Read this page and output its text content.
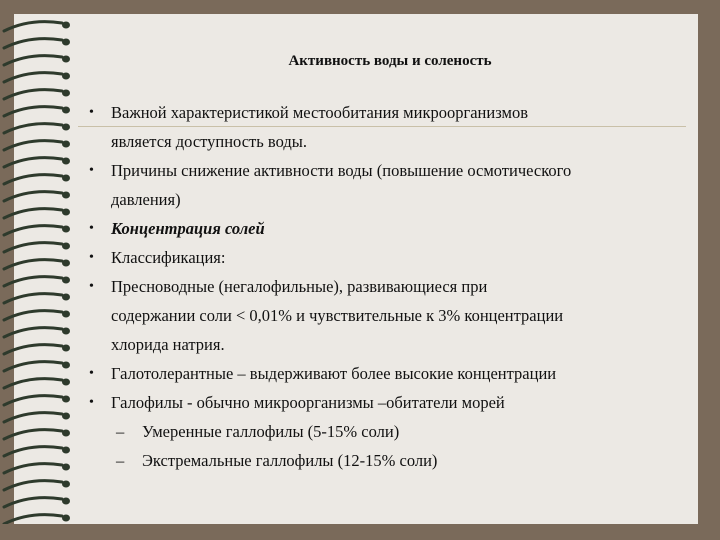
Активность воды и соленость
• Важной характеристикой местообитания микроорганизмов
является доступность воды.
• Причины снижение активности воды (повышение осмотического
давления)
• Концентрация солей
• Классификация:
• Пресноводные (негалофильные), развивающиеся при
содержании соли < 0,01% и чувствительные к 3% концентрации
хлорида натрия.
• Галотолерантные – выдерживают более высокие концентрации
• Галофилы - обычно микроорганизмы –обитатели морей
– Умеренные галлофилы (5-15% соли)
– Экстремальные галлофилы (12-15% соли)
